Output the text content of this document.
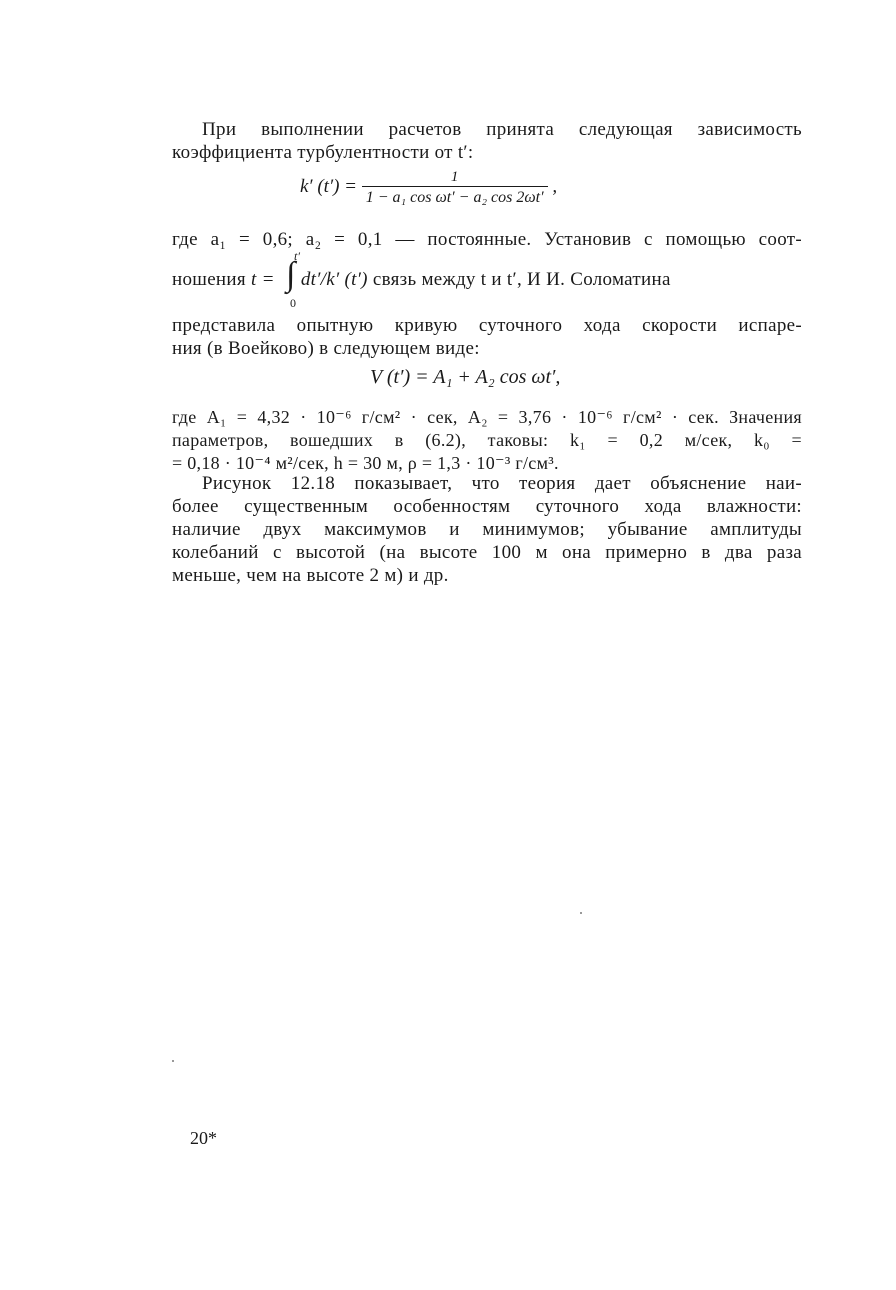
При выполнении расчетов принята следующая зависимость
коэффициента турбулентности от t′:
k′ $(t') = \frac{1}{\text{1 − a₁ cos ωt′ − a₂ cos 2ωt′}}$ ,
где a₁ = 0,6; a₂ = 0,1 — постоянные. Установив с помощью соот-
ношения t =  dt′/k′ (t′) связь между t и t′, И И. Соломатина
∫
t′
0
представила опытную кривую суточного хода скорости испаре-
ния (в Воейково) в следующем виде:
V (t′) = A₁ + A₂ cos ωt′,
где A₁ = 4,32 · 10⁻⁶ г/см² · сек, A₂ = 3,76 · 10⁻⁶ г/см² · сек. Значения
параметров, вошедших в (6.2), таковы: k₁ = 0,2 м/сек, k₀ =
= 0,18 · 10⁻⁴ м²/сек, h = 30 м, ρ = 1,3 · 10⁻³ г/см³.
Рисунок 12.18 показывает, что теория дает объяснение наи-
более существенным особенностям суточного хода влажности:
наличие двух максимумов и минимумов; убывание амплитуды
колебаний с высотой (на высоте 100 м она примерно в два раза
меньше, чем на высоте 2 м) и др.
20*
